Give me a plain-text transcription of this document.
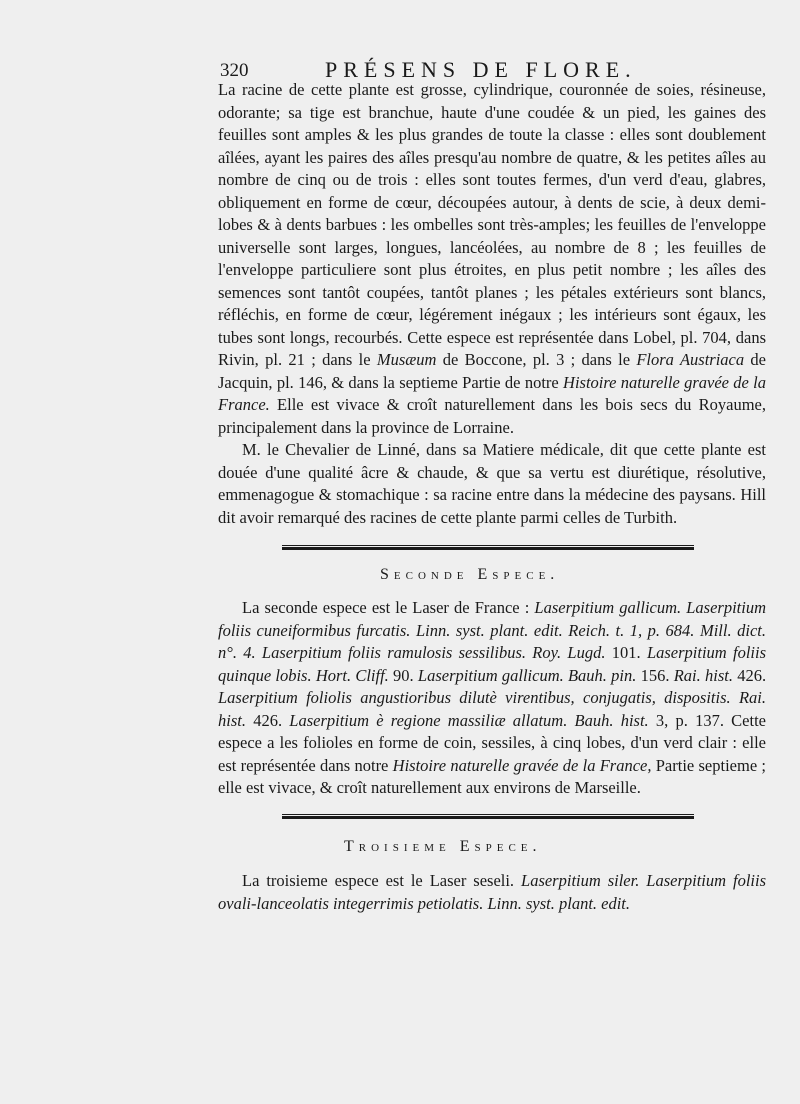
320	PRÉSENS DE FLORE.

La racine de cette plante est grosse, cylindrique, couronnée de soies, résineuse, odorante; sa tige est branchue, haute d'une coudée & un pied, les gaines des feuilles sont amples & les plus grandes de toute la classe : elles sont doublement aîlées, ayant les paires des aîles presqu'au nombre de quatre, & les petites aîles au nombre de cinq ou de trois : elles sont toutes fermes, d'un verd d'eau, glabres, obliquement en forme de cœur, découpées autour, à dents de scie, à deux demi-lobes & à dents barbues : les ombelles sont très-amples; les feuilles de l'enveloppe universelle sont larges, longues, lancéolées, au nombre de 8 ; les feuilles de l'enveloppe particuliere sont plus étroites, en plus petit nombre ; les aîles des semences sont tantôt coupées, tantôt planes ; les pétales extérieurs sont blancs, réfléchis, en forme de cœur, légérement inégaux ; les intérieurs sont égaux, les tubes sont longs, recourbés. Cette espece est représentée dans Lobel, pl. 704, dans Rivin, pl. 21 ; dans le Musæum de Boccone, pl. 3 ; dans le Flora Austriaca de Jacquin, pl. 146, & dans la septieme Partie de notre Histoire naturelle gravée de la France. Elle est vivace & croît naturellement dans les bois secs du Royaume, principalement dans la province de Lorraine.

M. le Chevalier de Linné, dans sa Matiere médicale, dit que cette plante est douée d'une qualité âcre & chaude, & que sa vertu est diurétique, résolutive, emmenagogue & stomachique : sa racine entre dans la médecine des paysans. Hill dit avoir remarqué des racines de cette plante parmi celles de Turbith.

Seconde Espece.
La seconde espece est le Laser de France : Laserpitium gallicum. Laserpitium foliis cuneiformibus furcatis. Linn. syst. plant. edit. Reich. t. 1, p. 684. Mill. dict. n°. 4. Laserpitium foliis ramulosis sessilibus. Roy. Lugd. 101. Laserpitium foliis quinque lobis. Hort. Cliff. 90. Laserpitium gallicum. Bauh. pin. 156. Rai. hist. 426. Laserpitium foliolis angustioribus dilutè virentibus, conjugatis, dispositis. Rai. hist. 426. Laserpitium è regione massiliæ allatum. Bauh. hist. 3, p. 137. Cette espece a les folioles en forme de coin, sessiles, à cinq lobes, d'un verd clair : elle est représentée dans notre Histoire naturelle gravée de la France, Partie septieme ; elle est vivace, & croît naturellement aux environs de Marseille.
Troisieme Espece.
La troisieme espece est le Laser seseli. Laserpitium siler. Laserpitium foliis ovali-lanceolatis integerrimis petiolatis. Linn. syst. plant. edit.
